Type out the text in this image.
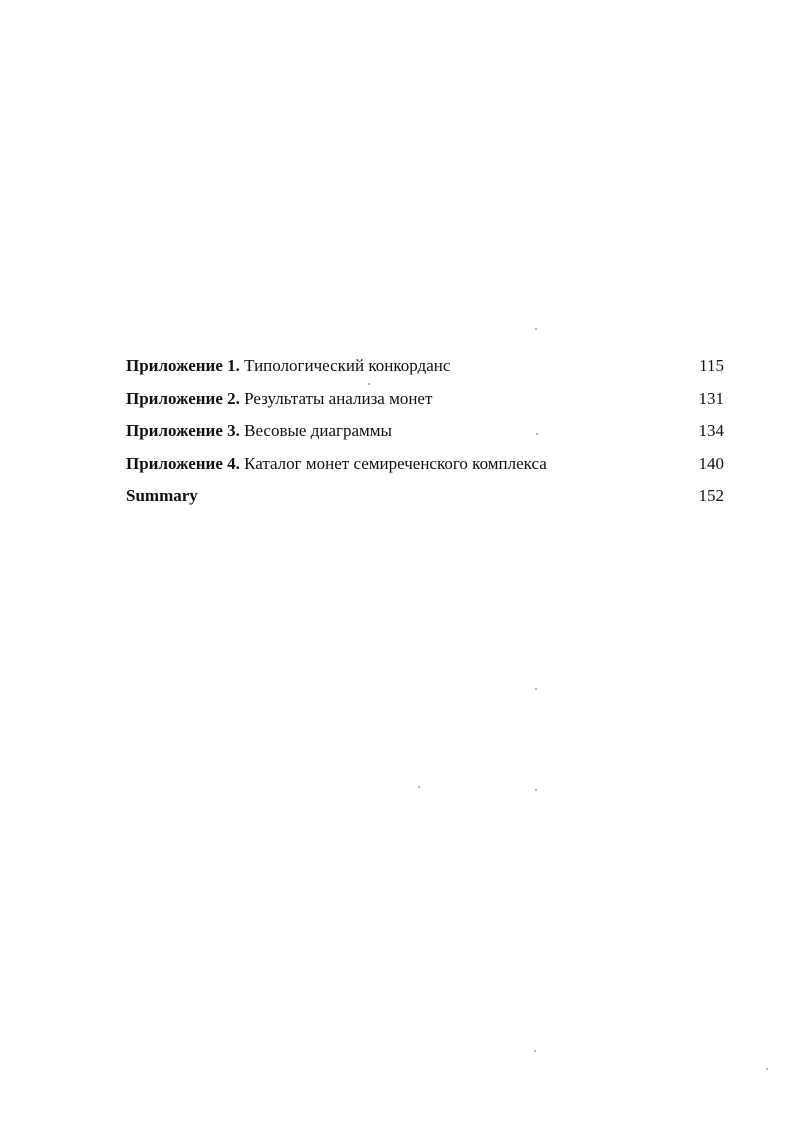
Приложение 1. Типологический конкорданс	115
Приложение 2. Результаты анализа монет	131
Приложение 3. Весовые диаграммы	134
Приложение 4. Каталог монет семиреченского комплекса	140
Summary	152
